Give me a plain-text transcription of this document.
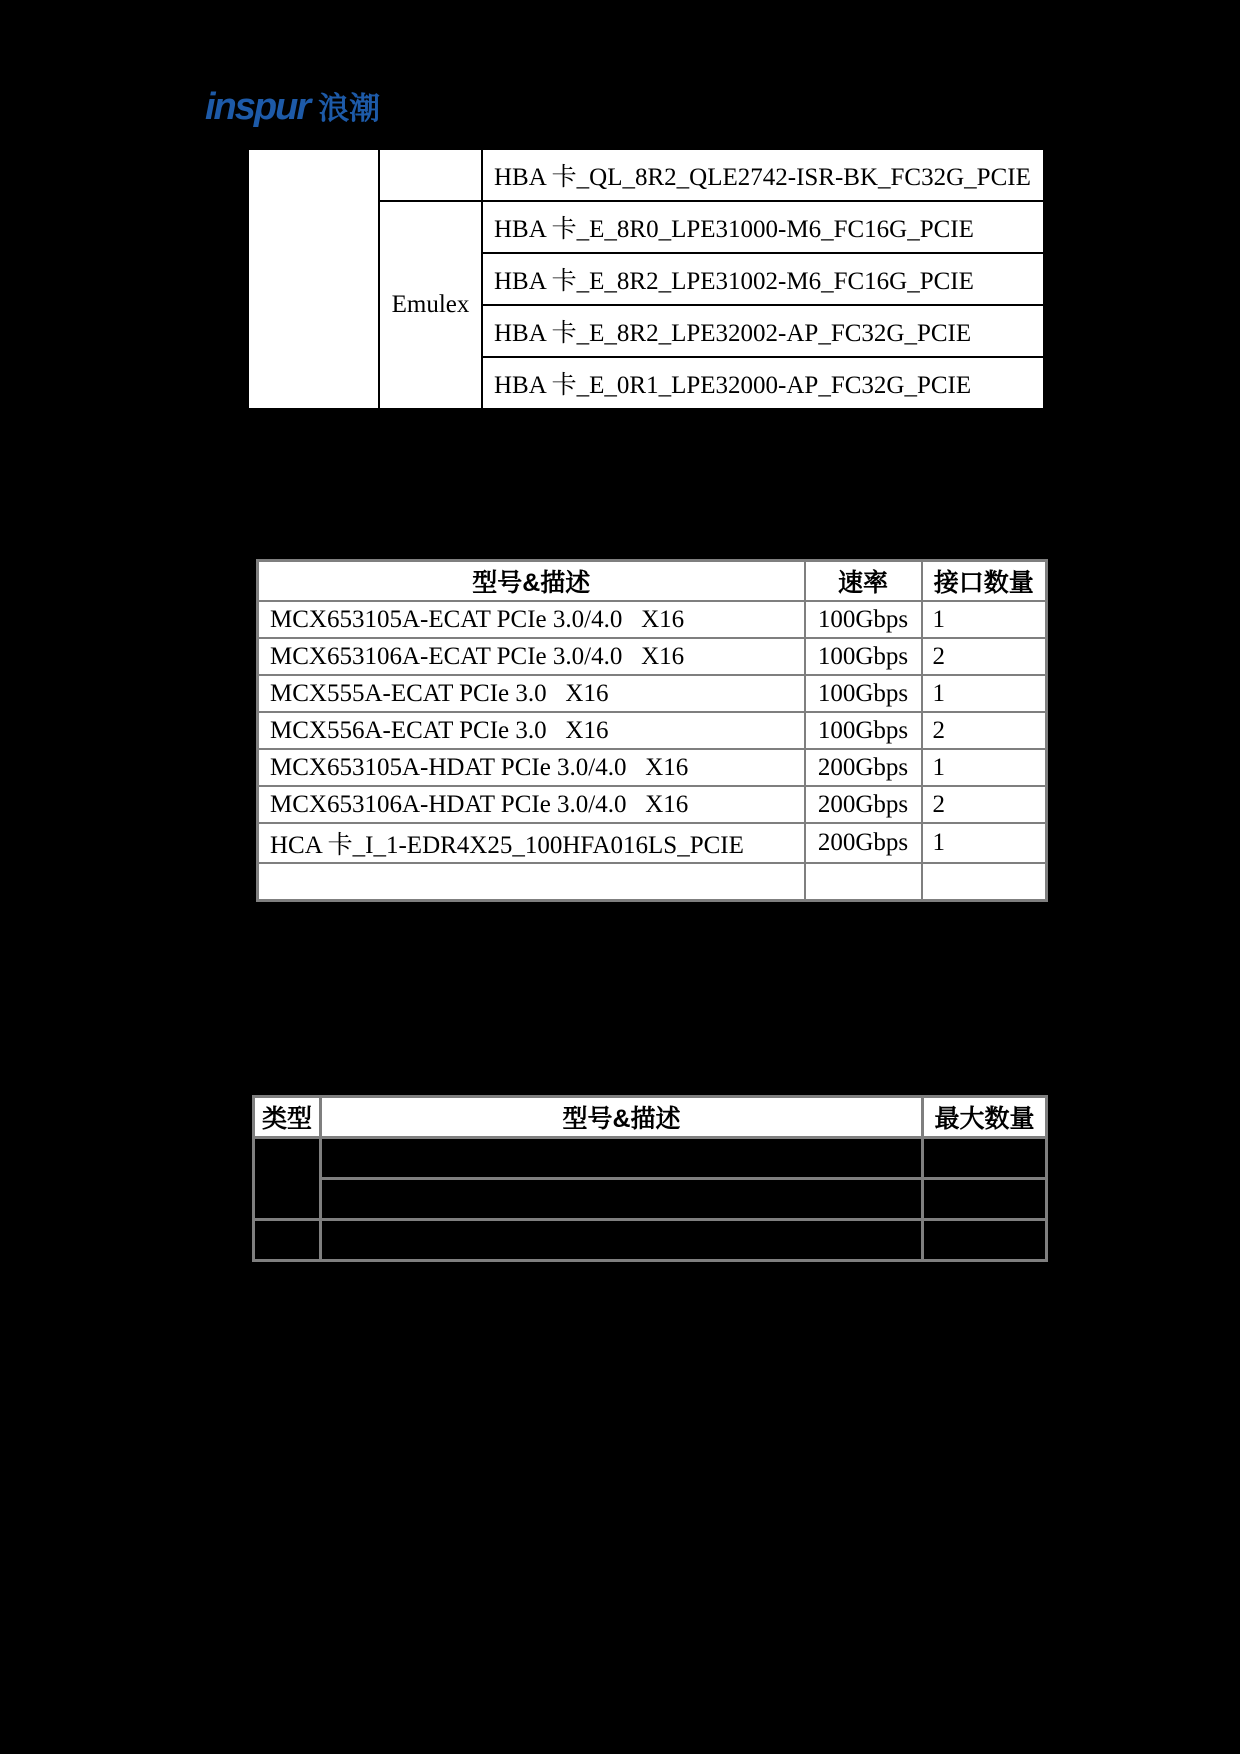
inspur 浪潮
		HBA 卡_QL_8R2_QLE2742-ISR-BK_FC32G_PCIE
	Emulex	HBA 卡_E_8R0_LPE31000-M6_FC16G_PCIE
		HBA 卡_E_8R2_LPE31002-M6_FC16G_PCIE
		HBA 卡_E_8R2_LPE32002-AP_FC32G_PCIE
		HBA 卡_E_0R1_LPE32000-AP_FC32G_PCIE
型号&描述	速率	接口数量
MCX653105A-ECAT PCIe 3.0/4.0   X16	100Gbps	1
MCX653106A-ECAT PCIe 3.0/4.0   X16	100Gbps	2
MCX555A-ECAT PCIe 3.0   X16	100Gbps	1
MCX556A-ECAT PCIe 3.0   X16	100Gbps	2
MCX653105A-HDAT PCIe 3.0/4.0   X16	200Gbps	1
MCX653106A-HDAT PCIe 3.0/4.0   X16	200Gbps	2
HCA 卡_I_1-EDR4X25_100HFA016LS_PCIE	200Gbps	1

类型	型号&描述	最大数量
